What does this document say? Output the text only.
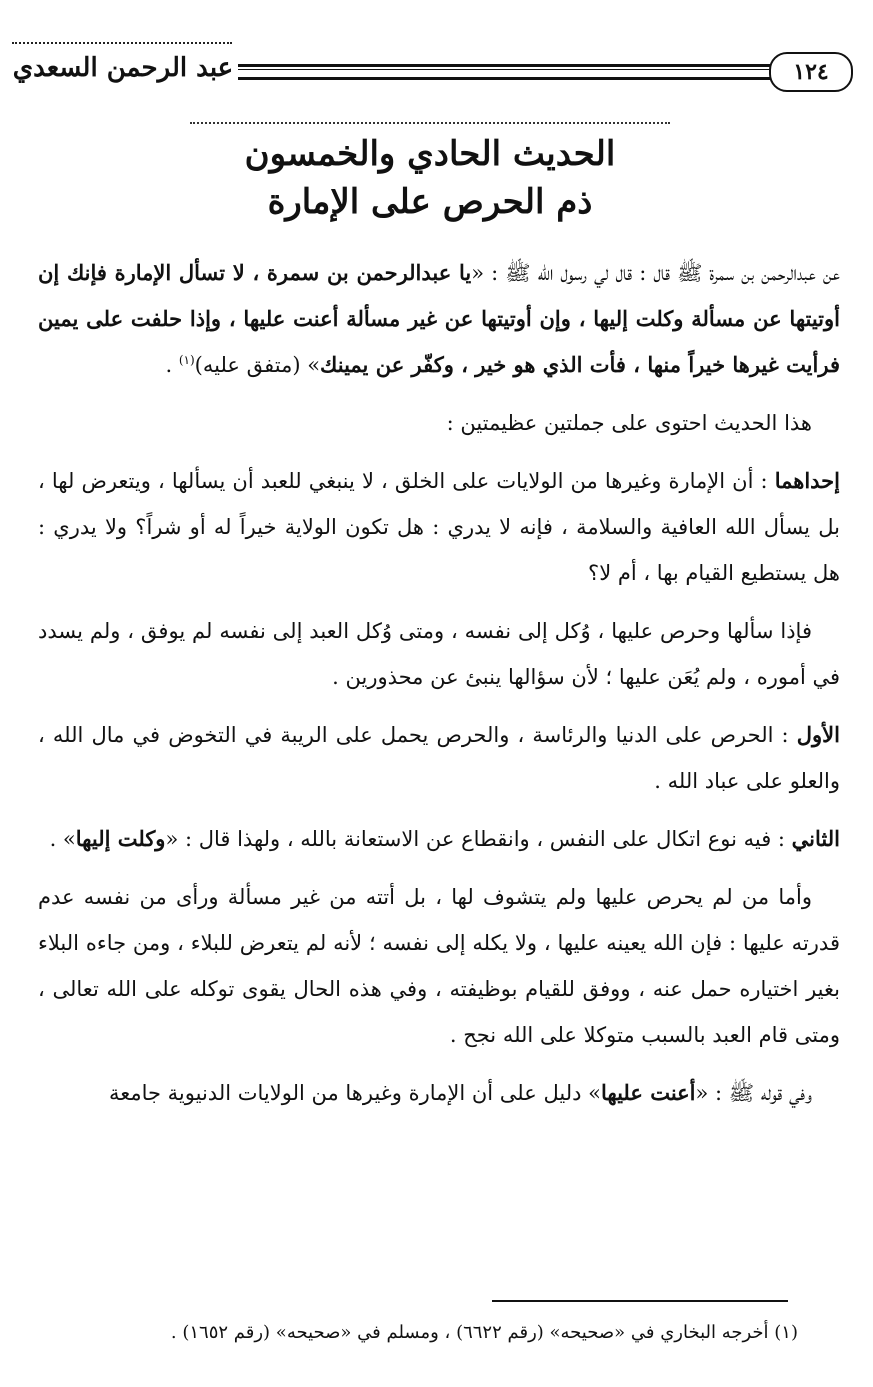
عبد الرحمن السعدي	١٢٤
الحديث الحادي والخمسون
ذم الحرص على الإمارة

عن عبدالرحمن بن سمرة ﷺ قال : قال لي رسول الله ﷺ : «يا عبدالرحمن بن سمرة ، لا تسأل الإمارة فإنك إن أوتيتها عن مسألة وكلت إليها ، وإن أوتيتها عن غير مسألة أعنت عليها ، وإذا حلفت على يمين فرأيت غيرها خيراً منها ، فأت الذي هو خير ، وكفّر عن يمينك» (متفق عليه)$^{(١)}$ .

هذا الحديث احتوى على جملتين عظيمتين :

إحداهما : أن الإمارة وغيرها من الولايات على الخلق ، لا ينبغي للعبد أن يسألها ، ويتعرض لها ، بل يسأل الله العافية والسلامة ، فإنه لا يدري : هل تكون الولاية خيراً له أو شراً؟ ولا يدري : هل يستطيع القيام بها ، أم لا؟

فإذا سألها وحرص عليها ، وُكل إلى نفسه ، ومتى وُكل العبد إلى نفسه لم يوفق ، ولم يسدد في أموره ، ولم يُعَن عليها ؛ لأن سؤالها ينبئ عن محذورين .

الأول : الحرص على الدنيا والرئاسة ، والحرص يحمل على الريبة في التخوض في مال الله ، والعلو على عباد الله .

الثاني : فيه نوع اتكال على النفس ، وانقطاع عن الاستعانة بالله ، ولهذا قال : «وكلت إليها» .

وأما من لم يحرص عليها ولم يتشوف لها ، بل أتته من غير مسألة ورأى من نفسه عدم قدرته عليها : فإن الله يعينه عليها ، ولا يكله إلى نفسه ؛ لأنه لم يتعرض للبلاء ، ومن جاءه البلاء بغير اختياره حمل عنه ، ووفق للقيام بوظيفته ، وفي هذه الحال يقوى توكله على الله تعالى ، ومتى قام العبد بالسبب متوكلا على الله نجح .

وفي قوله ﷺ : «أعنت عليها» دليل على أن الإمارة وغيرها من الولايات الدنيوية جامعة

(١) أخرجه البخاري في «صحيحه» (رقم ٦٦٢٢) ، ومسلم في «صحيحه» (رقم ١٦٥٢) .
